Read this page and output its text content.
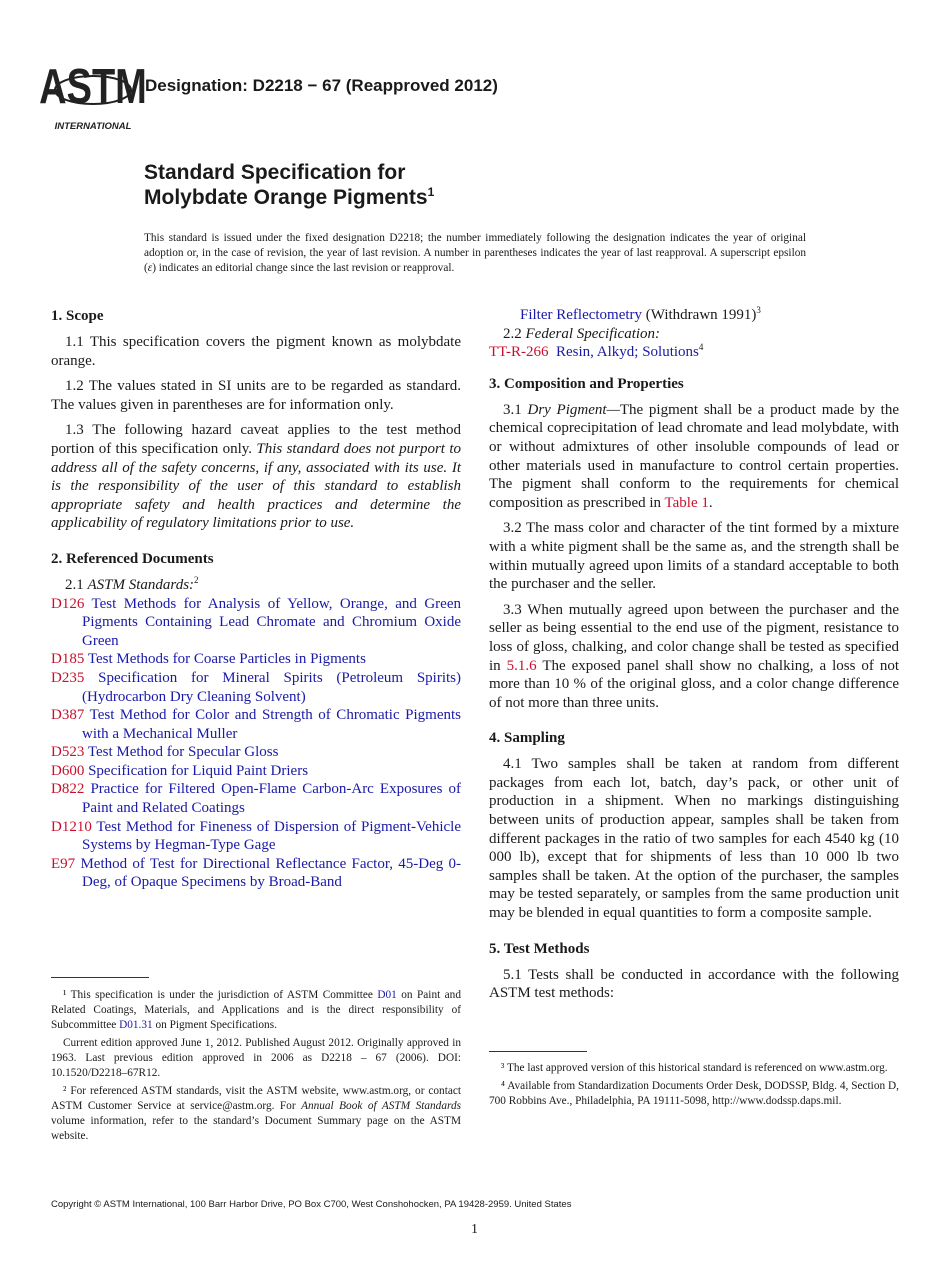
ASTM
INTERNATIONAL
Designation: D2218 − 67 (Reapproved 2012)
Standard Specification for
Molybdate Orange Pigments$^1$
This standard is issued under the fixed designation D2218; the number immediately following the designation indicates the year of original adoption or, in the case of revision, the year of last revision. A number in parentheses indicates the year of last reapproval. A superscript epsilon (ε) indicates an editorial change since the last revision or reapproval.
1. Scope

1.1 This specification covers the pigment known as molybdate orange.

1.2 The values stated in SI units are to be regarded as standard. The values given in parentheses are for information only.

1.3 The following hazard caveat applies to the test method portion of this specification only. This standard does not purport to address all of the safety concerns, if any, associated with its use. It is the responsibility of the user of this standard to establish appropriate safety and health practices and determine the applicability of regulatory limitations prior to use.

2. Referenced Documents

2.1 ASTM Standards:$^2$

D126 Test Methods for Analysis of Yellow, Orange, and Green Pigments Containing Lead Chromate and Chromium Oxide Green

D185 Test Methods for Coarse Particles in Pigments

D235 Specification for Mineral Spirits (Petroleum Spirits) (Hydrocarbon Dry Cleaning Solvent)

D387 Test Method for Color and Strength of Chromatic Pigments with a Mechanical Muller

D523 Test Method for Specular Gloss

D600 Specification for Liquid Paint Driers

D822 Practice for Filtered Open-Flame Carbon-Arc Exposures of Paint and Related Coatings

D1210 Test Method for Fineness of Dispersion of Pigment-Vehicle Systems by Hegman-Type Gage

E97 Method of Test for Directional Reflectance Factor, 45-Deg 0-Deg, of Opaque Specimens by Broad-Band

Filter Reflectometry (Withdrawn 1991)$^3$

2.2 Federal Specification:

TT-R-266 Resin, Alkyd; Solutions$^4$

3. Composition and Properties

3.1 Dry Pigment—The pigment shall be a product made by the chemical coprecipitation of lead chromate and lead molybdate, with or without admixtures of other insoluble compounds of lead or other materials used in manufacture to control certain properties. The pigment shall conform to the requirements for chemical composition as prescribed in Table 1.

3.2 The mass color and character of the tint formed by a mixture with a white pigment shall be the same as, and the strength shall be within mutually agreed upon limits of a standard acceptable to both the purchaser and the seller.

3.3 When mutually agreed upon between the purchaser and the seller as being essential to the end use of the pigment, resistance to loss of gloss, chalking, and color change shall be tested as specified in 5.1.6 The exposed panel shall show no chalking, a loss of not more than 10 % of the original gloss, and a color change difference of not more than three units.

4. Sampling

4.1 Two samples shall be taken at random from different packages from each lot, batch, day’s pack, or other unit of production in a shipment. When no markings distinguishing between units of production appear, samples shall be taken from different packages in the ratio of two samples for each 4540 kg (10 000 lb), except that for shipments of less than 10 000 lb two samples shall be taken. At the option of the purchaser, the samples may be tested separately, or samples from the same production unit may be blended in equal quantities to form a composite sample.

5. Test Methods

5.1 Tests shall be conducted in accordance with the following ASTM test methods:

¹ This specification is under the jurisdiction of ASTM Committee D01 on Paint and Related Coatings, Materials, and Applications and is the direct responsibility of Subcommittee D01.31 on Pigment Specifications.

Current edition approved June 1, 2012. Published August 2012. Originally approved in 1963. Last previous edition approved in 2006 as D2218 – 67 (2006). DOI: 10.1520/D2218–67R12.

² For referenced ASTM standards, visit the ASTM website, www.astm.org, or contact ASTM Customer Service at service@astm.org. For Annual Book of ASTM Standards volume information, refer to the standard’s Document Summary page on the ASTM website.

³ The last approved version of this historical standard is referenced on www.astm.org.

⁴ Available from Standardization Documents Order Desk, DODSSP, Bldg. 4, Section D, 700 Robbins Ave., Philadelphia, PA 19111-5098, http://www.dodssp.daps.mil.

Copyright © ASTM International, 100 Barr Harbor Drive, PO Box C700, West Conshohocken, PA 19428-2959. United States
1
